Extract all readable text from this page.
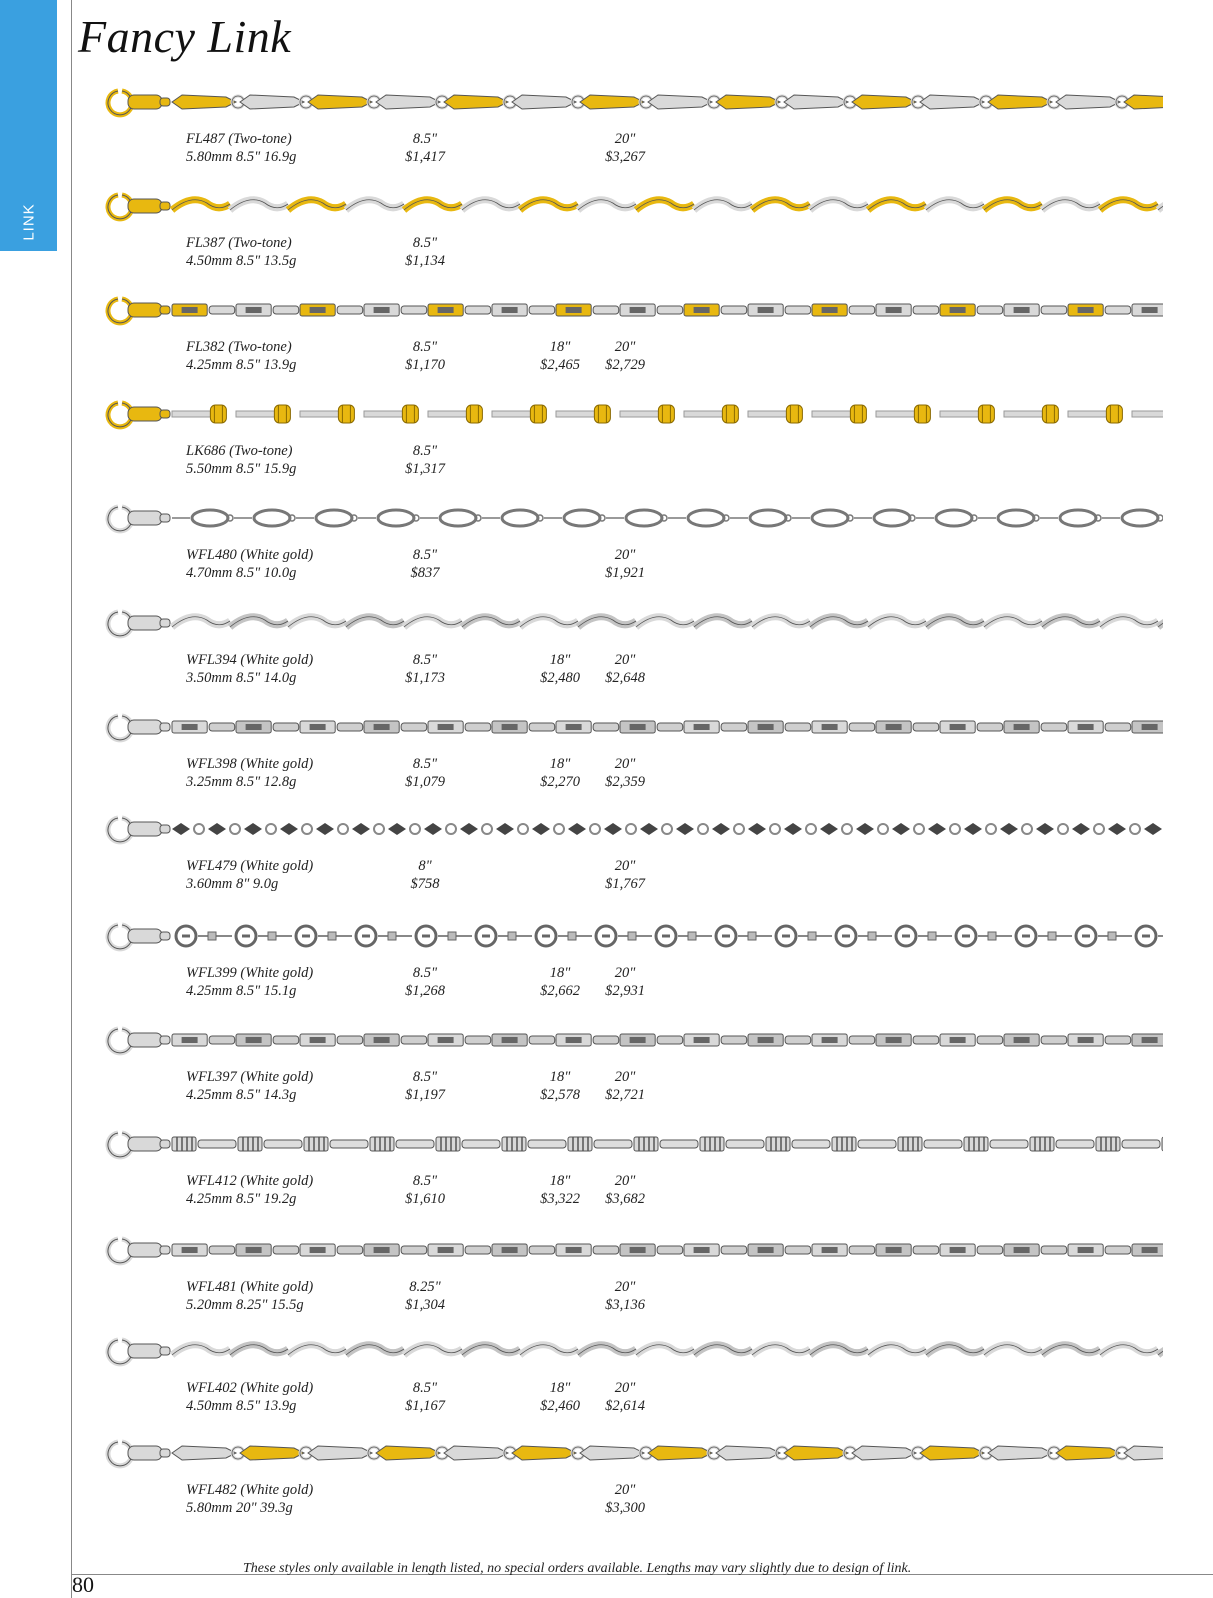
LINK
Fancy Link
FL487 (Two-tone)
5.80mm 8.5" 16.9g
8.5"
$1,417
20"
$3,267
FL387 (Two-tone)
4.50mm 8.5" 13.5g
8.5"
$1,134
FL382 (Two-tone)
4.25mm 8.5" 13.9g
8.5"
$1,170
18"
$2,465
20"
$2,729
LK686 (Two-tone)
5.50mm 8.5" 15.9g
8.5"
$1,317
WFL480 (White gold)
4.70mm 8.5" 10.0g
8.5"
$837
20"
$1,921
WFL394 (White gold)
3.50mm 8.5" 14.0g
8.5"
$1,173
18"
$2,480
20"
$2,648
WFL398 (White gold)
3.25mm 8.5" 12.8g
8.5"
$1,079
18"
$2,270
20"
$2,359
WFL479 (White gold)
3.60mm 8" 9.0g
8"
$758
20"
$1,767
WFL399 (White gold)
4.25mm 8.5" 15.1g
8.5"
$1,268
18"
$2,662
20"
$2,931
WFL397 (White gold)
4.25mm 8.5" 14.3g
8.5"
$1,197
18"
$2,578
20"
$2,721
WFL412 (White gold)
4.25mm 8.5" 19.2g
8.5"
$1,610
18"
$3,322
20"
$3,682
WFL481 (White gold)
5.20mm 8.25" 15.5g
8.25"
$1,304
20"
$3,136
WFL402 (White gold)
4.50mm 8.5" 13.9g
8.5"
$1,167
18"
$2,460
20"
$2,614
WFL482 (White gold)
5.80mm 20" 39.3g
20"
$3,300
80
These styles only available in length listed, no special orders available. Lengths may vary slightly due to design of link.
